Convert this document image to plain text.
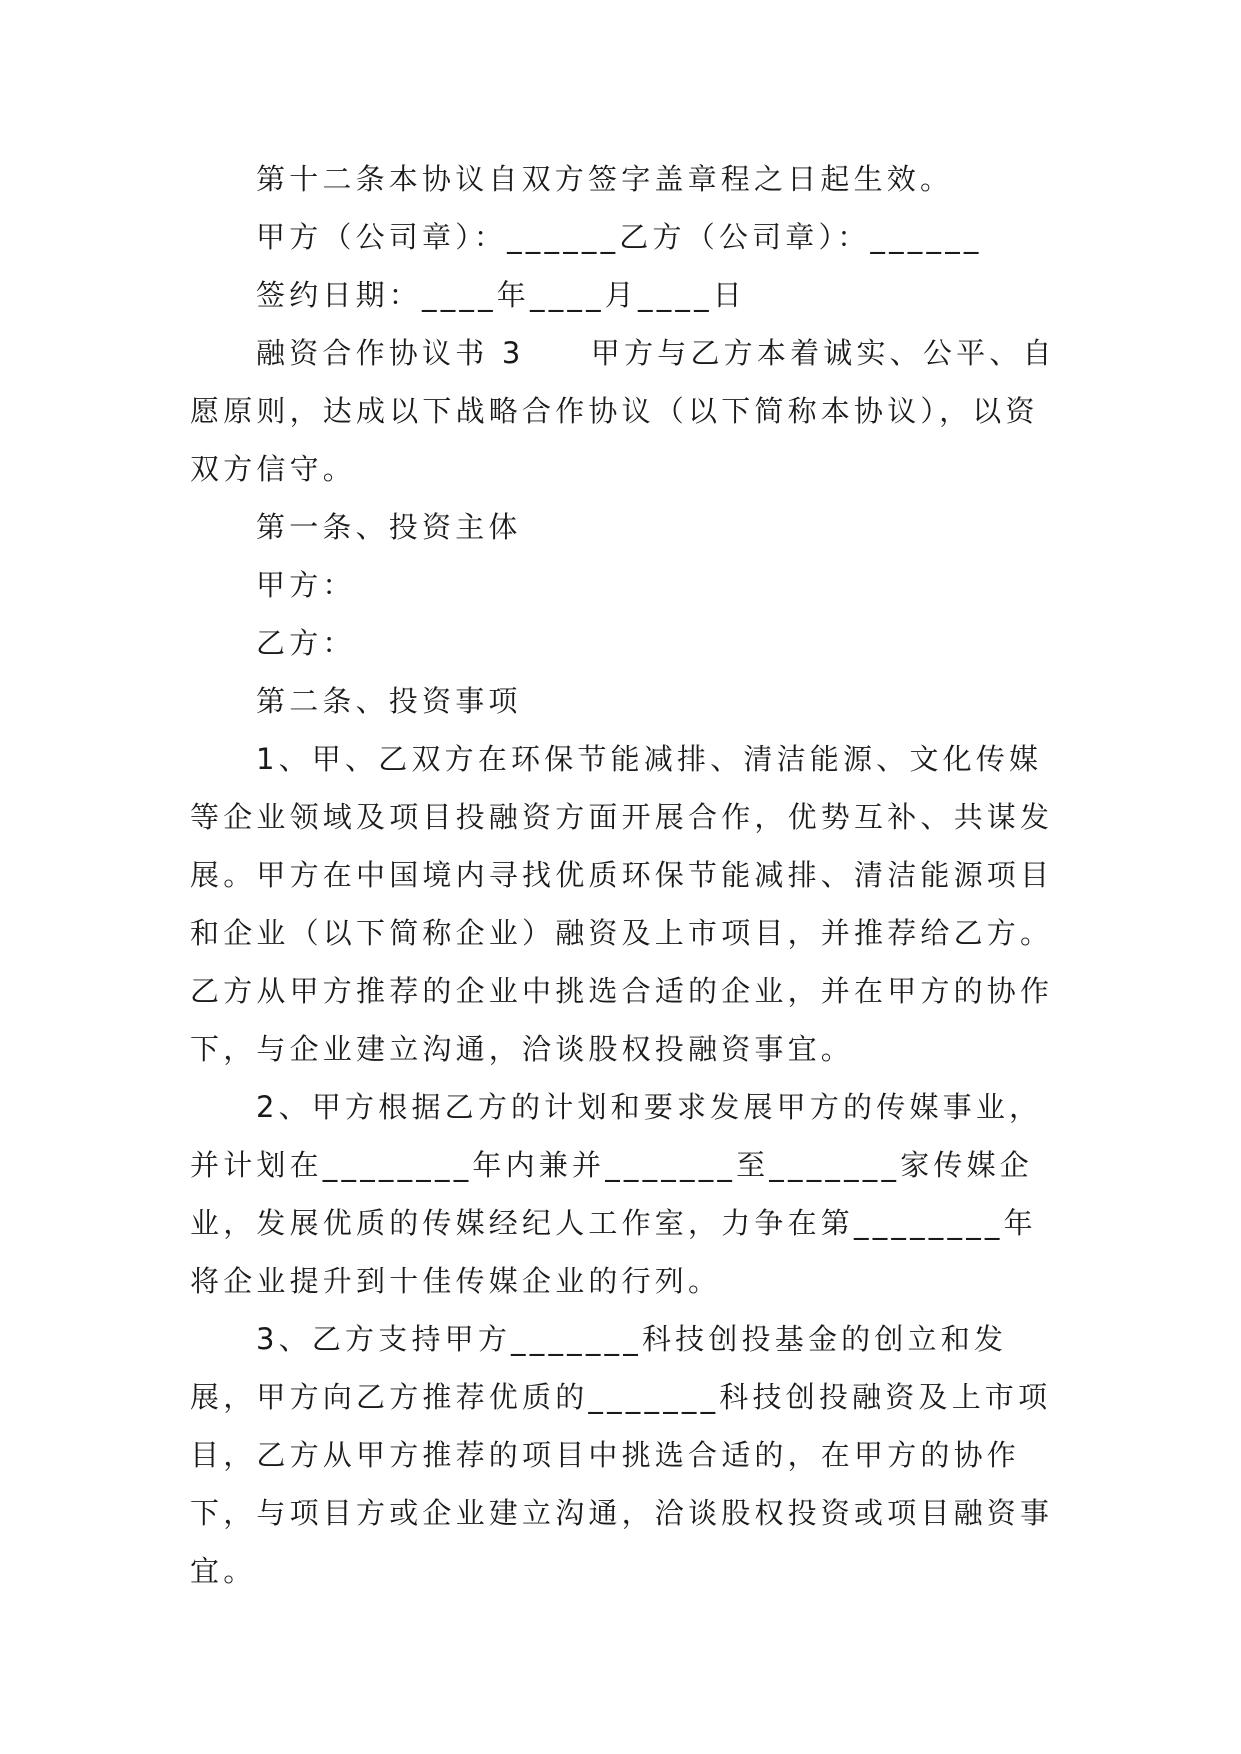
第十二条本协议自双方签字盖章程之日起生效。

甲方（公司章）：______乙方（公司章）：______

签约日期：____年____月____日

融资合作协议书 3　　甲方与乙方本着诚实、公平、自愿原则，达成以下战略合作协议（以下简称本协议），以资双方信守。

第一条、投资主体

甲方：

乙方：

第二条、投资事项

1、甲、乙双方在环保节能减排、清洁能源、文化传媒等企业领域及项目投融资方面开展合作，优势互补、共谋发展。甲方在中国境内寻找优质环保节能减排、清洁能源项目和企业（以下简称企业）融资及上市项目，并推荐给乙方。乙方从甲方推荐的企业中挑选合适的企业，并在甲方的协作下，与企业建立沟通，洽谈股权投融资事宜。

2、甲方根据乙方的计划和要求发展甲方的传媒事业，并计划在________年内兼并_______至_______家传媒企业，发展优质的传媒经纪人工作室，力争在第________年将企业提升到十佳传媒企业的行列。

3、乙方支持甲方_______科技创投基金的创立和发展，甲方向乙方推荐优质的_______科技创投融资及上市项目，乙方从甲方推荐的项目中挑选合适的，在甲方的协作下，与项目方或企业建立沟通，洽谈股权投资或项目融资事宜。
